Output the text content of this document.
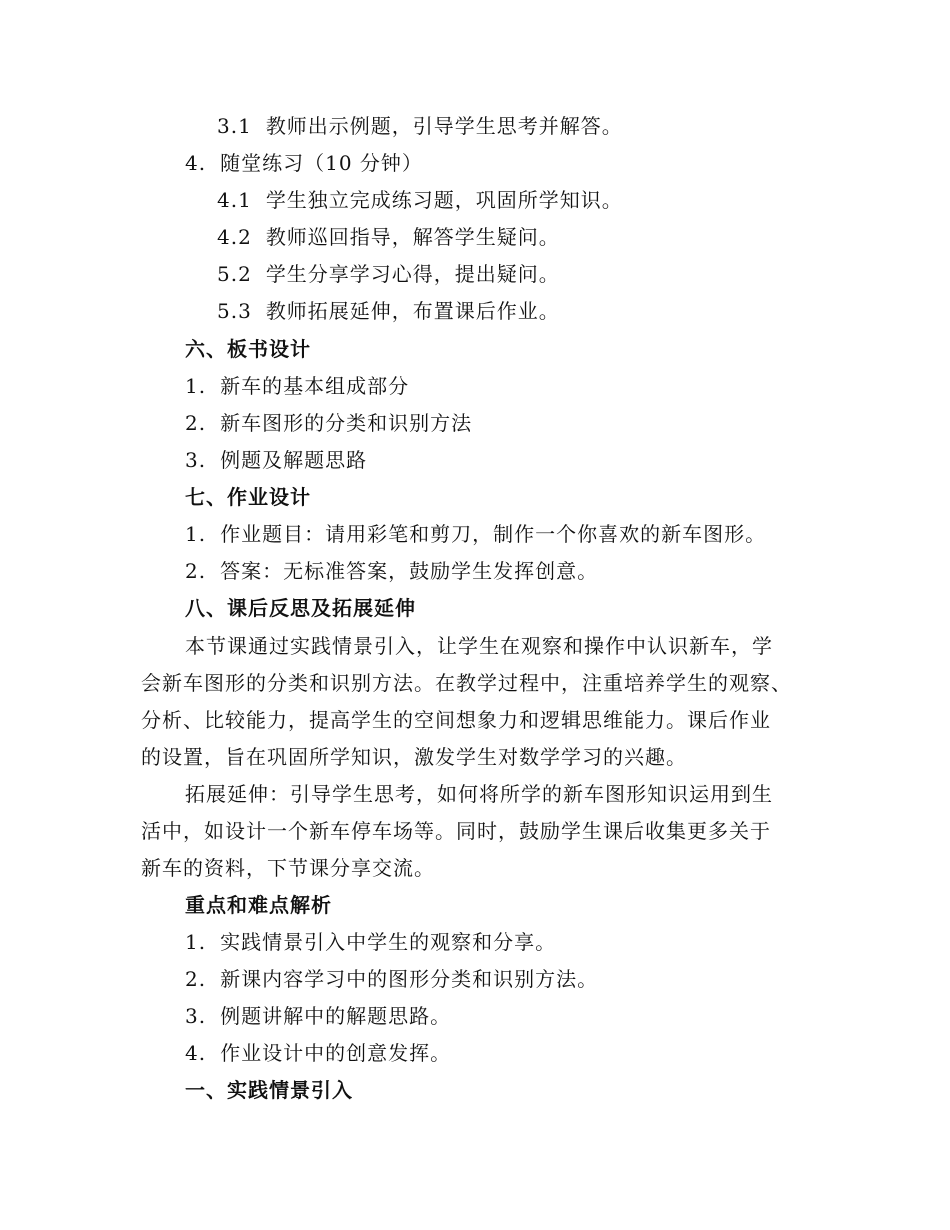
3.1 教师出示例题，引导学生思考并解答。
4. 随堂练习（10 分钟）
4.1 学生独立完成练习题，巩固所学知识。
4.2 教师巡回指导，解答学生疑问。
5.2 学生分享学习心得，提出疑问。
5.3 教师拓展延伸，布置课后作业。
六、板书设计
1. 新车的基本组成部分
2. 新车图形的分类和识别方法
3. 例题及解题思路
七、作业设计
1. 作业题目：请用彩笔和剪刀，制作一个你喜欢的新车图形。
2. 答案：无标准答案，鼓励学生发挥创意。
八、课后反思及拓展延伸
本节课通过实践情景引入，让学生在观察和操作中认识新车，学
会新车图形的分类和识别方法。在教学过程中，注重培养学生的观察、
分析、比较能力，提高学生的空间想象力和逻辑思维能力。课后作业
的设置，旨在巩固所学知识，激发学生对数学学习的兴趣。
拓展延伸：引导学生思考，如何将所学的新车图形知识运用到生
活中，如设计一个新车停车场等。同时，鼓励学生课后收集更多关于
新车的资料，下节课分享交流。
重点和难点解析
1. 实践情景引入中学生的观察和分享。
2. 新课内容学习中的图形分类和识别方法。
3. 例题讲解中的解题思路。
4. 作业设计中的创意发挥。
一、实践情景引入
